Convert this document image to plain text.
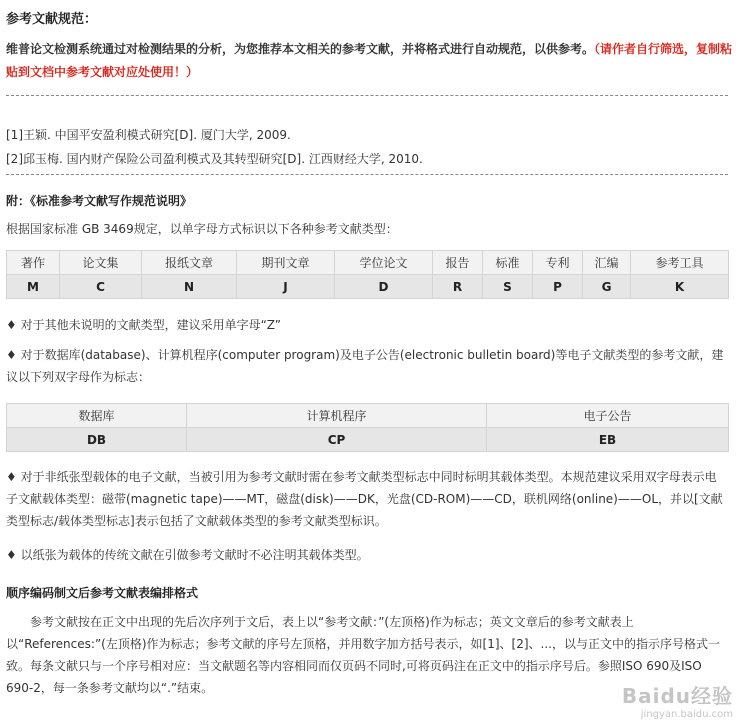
参考文献规范：
维普论文检测系统通过对检测结果的分析，为您推荐本文相关的参考文献，并将格式进行自动规范，以供参考。（请作者自行筛选，复制粘贴到文档中参考文献对应处使用！）
[1]王颖. 中国平安盈利模式研究[D]. 厦门大学, 2009.
[2]邱玉梅. 国内财产保险公司盈利模式及其转型研究[D]. 江西财经大学, 2010.
附：《标准参考文献写作规范说明》
根据国家标准 GB 3469规定，以单字母方式标识以下各种参考文献类型：
著作	论文集	报纸文章	期刊文章	学位论文	报告	标准	专利	汇编	参考工具
M	C	N	J	D	R	S	P	G	K
♦ 对于其他未说明的文献类型，建议采用单字母“Z”
♦ 对于数据库(database)、计算机程序(computer program)及电子公告(electronic bulletin board)等电子文献类型的参考文献，建议以下列双字母作为标志：
数据库	计算机程序	电子公告
DB	CP	EB
♦ 对于非纸张型载体的电子文献，当被引用为参考文献时需在参考文献类型标志中同时标明其载体类型。本规范建议采用双字母表示电子文献载体类型：磁带(magnetic tape)——MT，磁盘(disk)——DK，光盘(CD-ROM)——CD，联机网络(online)——OL，并以[文献类型标志/载体类型标志]表示包括了文献载体类型的参考文献类型标识。
♦ 以纸张为载体的传统文献在引做参考文献时不必注明其载体类型。
顺序编码制文后参考文献表编排格式
参考文献按在正文中出现的先后次序列于文后，表上以“参考文献：”(左顶格)作为标志；英文文章后的参考文献表上以“References:”(左顶格)作为标志；参考文献的序号左顶格，并用数字加方括号表示，如[1]、[2]、...，以与正文中的指示序号格式一致。每条文献只与一个序号相对应：当文献题名等内容相同而仅页码不同时,可将页码注在正文中的指示序号后。参照ISO 690及ISO 690-2，每一条参考文献均以“.”结束。	Baidu经验
jingyan.baidu.com
